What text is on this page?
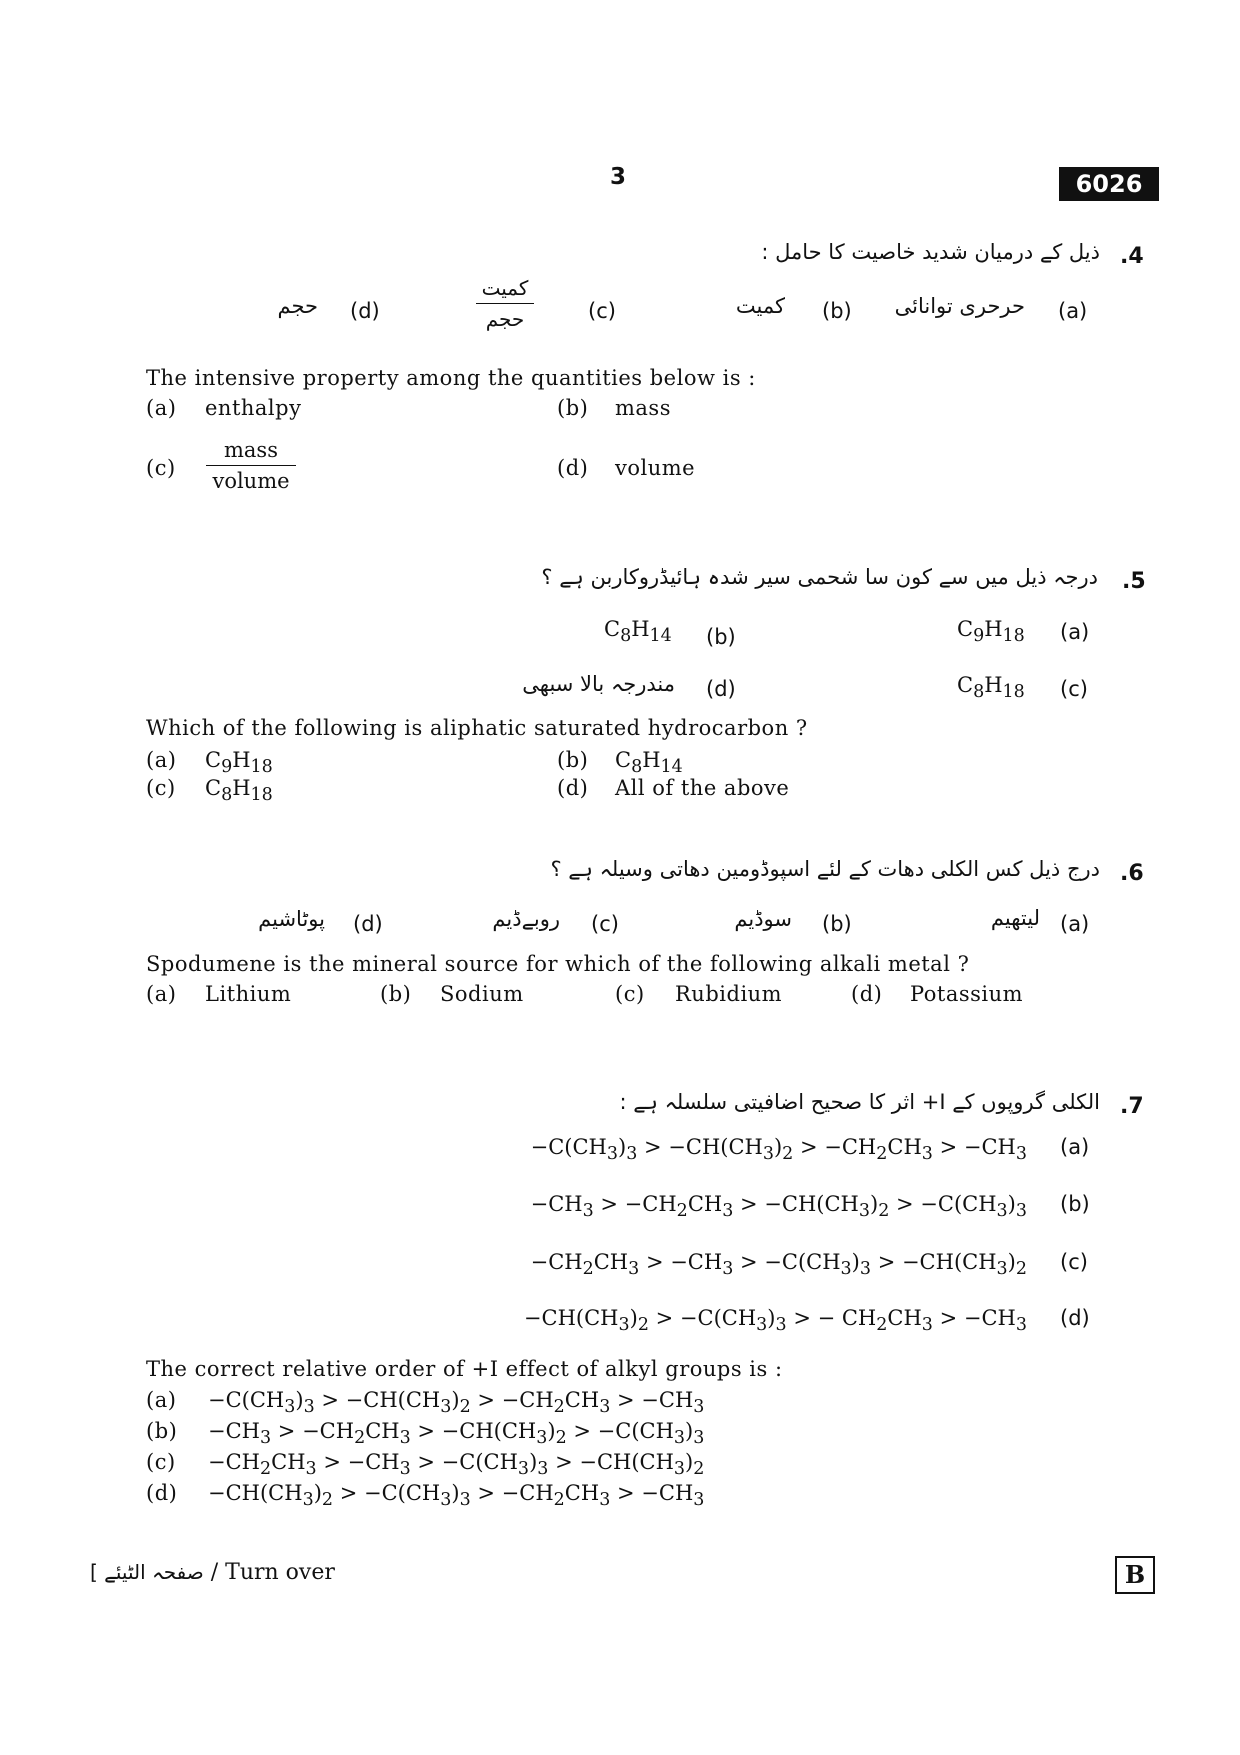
3	6026
.4
ذیل کے درمیان شدید خاصیت کا حامل :
(a)
حرحری توانائی
(b)
کمیت
(c)
کمیت
حجم
(d)
حجم
The intensive property among the quantities below is :
(a) enthalpy	(b) mass
(c)
mass
volume
(d) volume
.5
درجہ ذیل میں سے کون سا شحمی سیر شدہ ہائیڈروکاربن ہے ؟
(a)
$C_9H_{18}$
(b)
$C_8H_{14}$
(c)
$C_8H_{18}$
(d)
مندرجہ بالا سبھی
Which of the following is aliphatic saturated hydrocarbon ?
(a) $C_9H_{18}$	(b) $C_8H_{14}$
(c) $C_8H_{18}$	(d) All of the above
.6
درج ذیل کس الکلی دھات کے لئے اسپوڈومین دھاتی وسیلہ ہے ؟
(a)
لیتھیم
(b)
سوڈیم
(c)
روبےڈیم
(d)
پوٹاشیم
Spodumene is the mineral source for which of the following alkali metal ?
(a) Lithium	(b) Sodium	(c) Rubidium	(d) Potassium
.7
الکلی گروپوں کے I+ اثر کا صحیح اضافیتی سلسلہ ہے :
$-C(CH_3)_3 > -CH(CH_3)_2 > -CH_2CH_3 > -CH_3$ (a)
$-CH_3 > -CH_2CH_3 > -CH(CH_3)_2 > -C(CH_3)_3$ (b)
$-CH_2CH_3 > -CH_3 > -C(CH_3)_3 > -CH(CH_3)_2$ (c)
$-CH(CH_3)_2 > -C(CH_3)_3$ > − $CH_2CH_3 > -CH_3$ (d)
The correct relative order of +I effect of alkyl groups is :
$(a) -C(CH_3)_3 > -CH(CH_3)_2 > -CH_2CH_3 > -CH_3$
$(b) -CH_3 > -CH_2CH_3 > -CH(CH_3)_2 > -C(CH_3)_3$
$(c) -CH_2CH_3 > -CH_3 > -C(CH_3)_3 > -CH(CH_3)_2$
$(d) -CH(CH_3)_2 > -C(CH_3)_3 > -CH_2CH_3 > -CH_3$
[ صفحہ الٹیئے / Turn over	B
